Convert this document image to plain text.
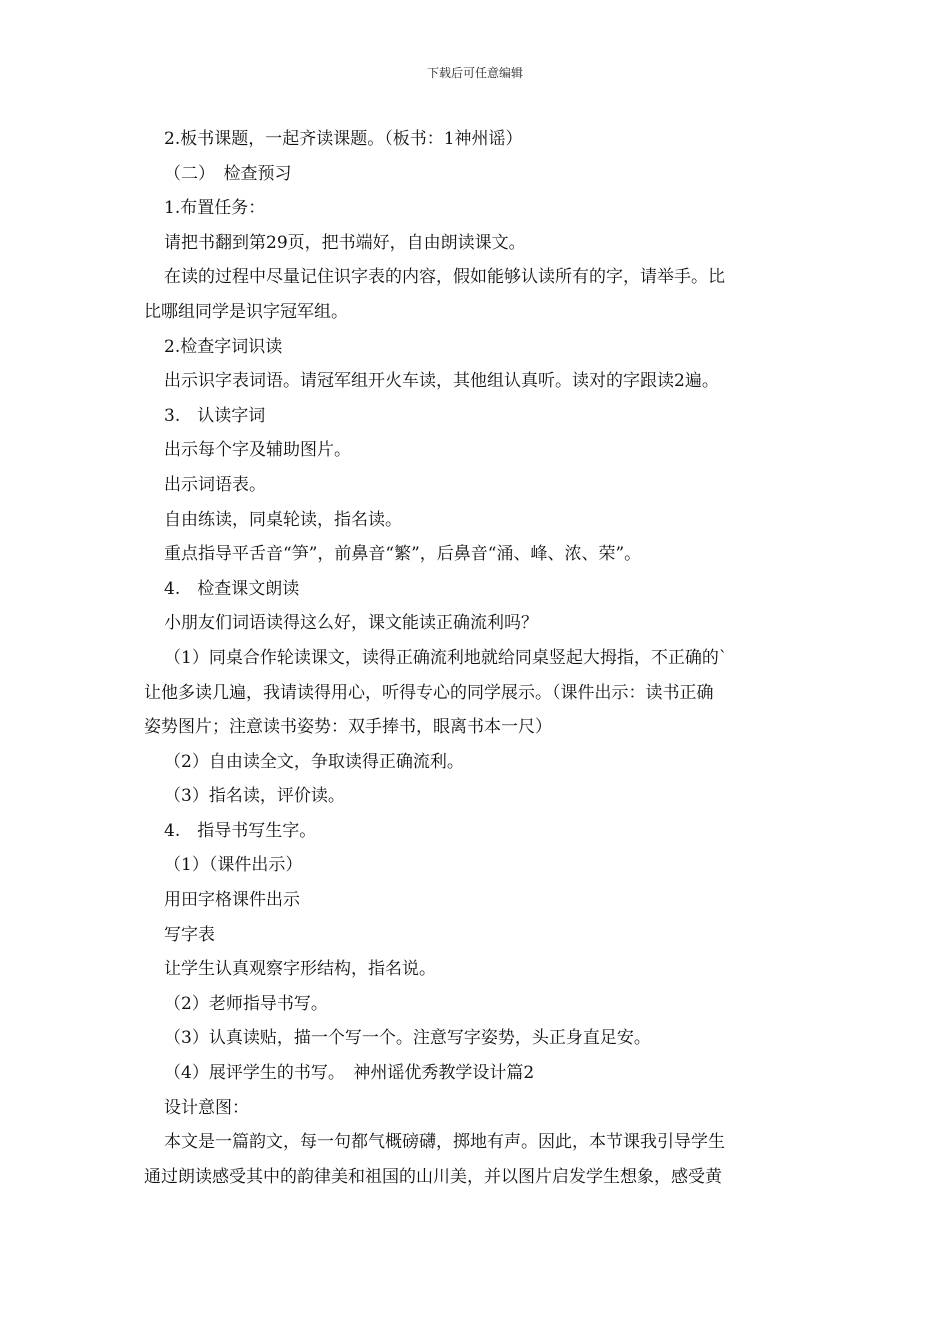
下载后可任意编辑
2.板书课题，一起齐读课题。（板书：1神州谣）
（二）　检查预习
1.布置任务：
请把书翻到第29页，把书端好，自由朗读课文。
在读的过程中尽量记住识字表的内容，假如能够认读所有的字，请举手。比
比哪组同学是识字冠军组。
2.检查字词识读
出示识字表词语。请冠军组开火车读，其他组认真听。读对的字跟读2遍。
3.　认读字词
出示每个字及辅助图片。
出示词语表。
自由练读，同桌轮读，指名读。
重点指导平舌音“笋”，前鼻音“繁”，后鼻音“涌、峰、浓、荣”。
4.　检查课文朗读
小朋友们词语读得这么好，课文能读正确流利吗？
（1）同桌合作轮读课文，读得正确流利地就给同桌竖起大拇指，不正确的`
让他多读几遍，我请读得用心，听得专心的同学展示。（课件出示：读书正确
姿势图片；注意读书姿势：双手捧书，眼离书本一尺）
（2）自由读全文，争取读得正确流利。
（3）指名读，评价读。
4.　指导书写生字。
（1）（课件出示）
用田字格课件出示
写字表
让学生认真观察字形结构，指名说。
（2）老师指导书写。
（3）认真读贴，描一个写一个。注意写字姿势，头正身直足安。
（4）展评学生的书写。　神州谣优秀教学设计篇2
设计意图：
本文是一篇韵文，每一句都气概磅礴，掷地有声。因此，本节课我引导学生
通过朗读感受其中的韵律美和祖国的山川美，并以图片启发学生想象，感受黄
